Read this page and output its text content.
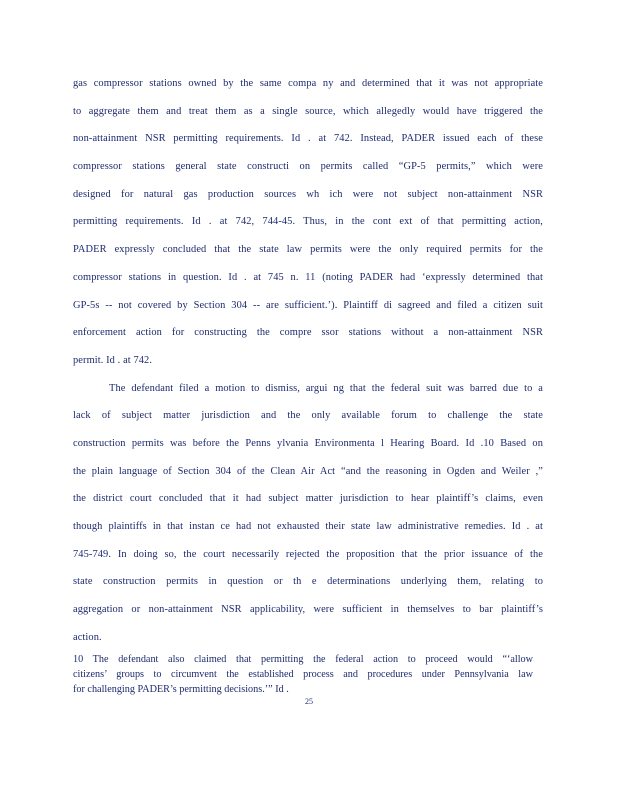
gas compressor stations owned by the same compa ny and determined that it was not appropriate
to aggregate them and treat them as a single source, which allegedly would have triggered the
non-attainment NSR permitting requirements. Id . at 742. Instead, PADER issued each of these
compressor stations general state constructi on permits called “GP-5 permits,” which were
designed for natural gas production sources wh ich were not subject non-attainment NSR
permitting requirements. Id . at 742, 744-45. Thus, in the cont ext of that permitting action,
PADER expressly concluded that the state law permits were the only required permits for the
compressor stations in question. Id . at 745 n. 11 (noting PADER had ‘expressly determined that
GP-5s -- not covered by Section 304 -- are sufficient.’). Plaintiff di sagreed and filed a citizen suit
enforcement action for constructing the compre ssor stations without a non-attainment NSR
permit. Id . at 742.
The defendant filed a motion to dismiss, argui ng that the federal suit was barred due to a
lack of subject matter jurisdiction and the only available forum to challenge the state
construction permits was before the Penns ylvania Environmenta l Hearing Board. Id .10 Based on
the plain language of Section 304 of the Clean Air Act “and the reasoning in Ogden and Weiler ,”
the district court concluded that it had subject matter jurisdiction to hear plaintiff’s claims, even
though plaintiffs in that instan ce had not exhausted their state law administrative remedies. Id . at
745-749. In doing so, the court necessarily rejected the proposition that the prior issuance of the
state construction permits in question or th e determinations underlying them, relating to
aggregation or non-attainment NSR applicability, were sufficient in themselves to bar plaintiff’s
action.
10 The defendant also claimed that permitting the federal action to proceed would “‘allow
citizens’ groups to circumvent the established process and procedures under Pennsylvania law
for challenging PADER’s permitting decisions.’” Id .
25
